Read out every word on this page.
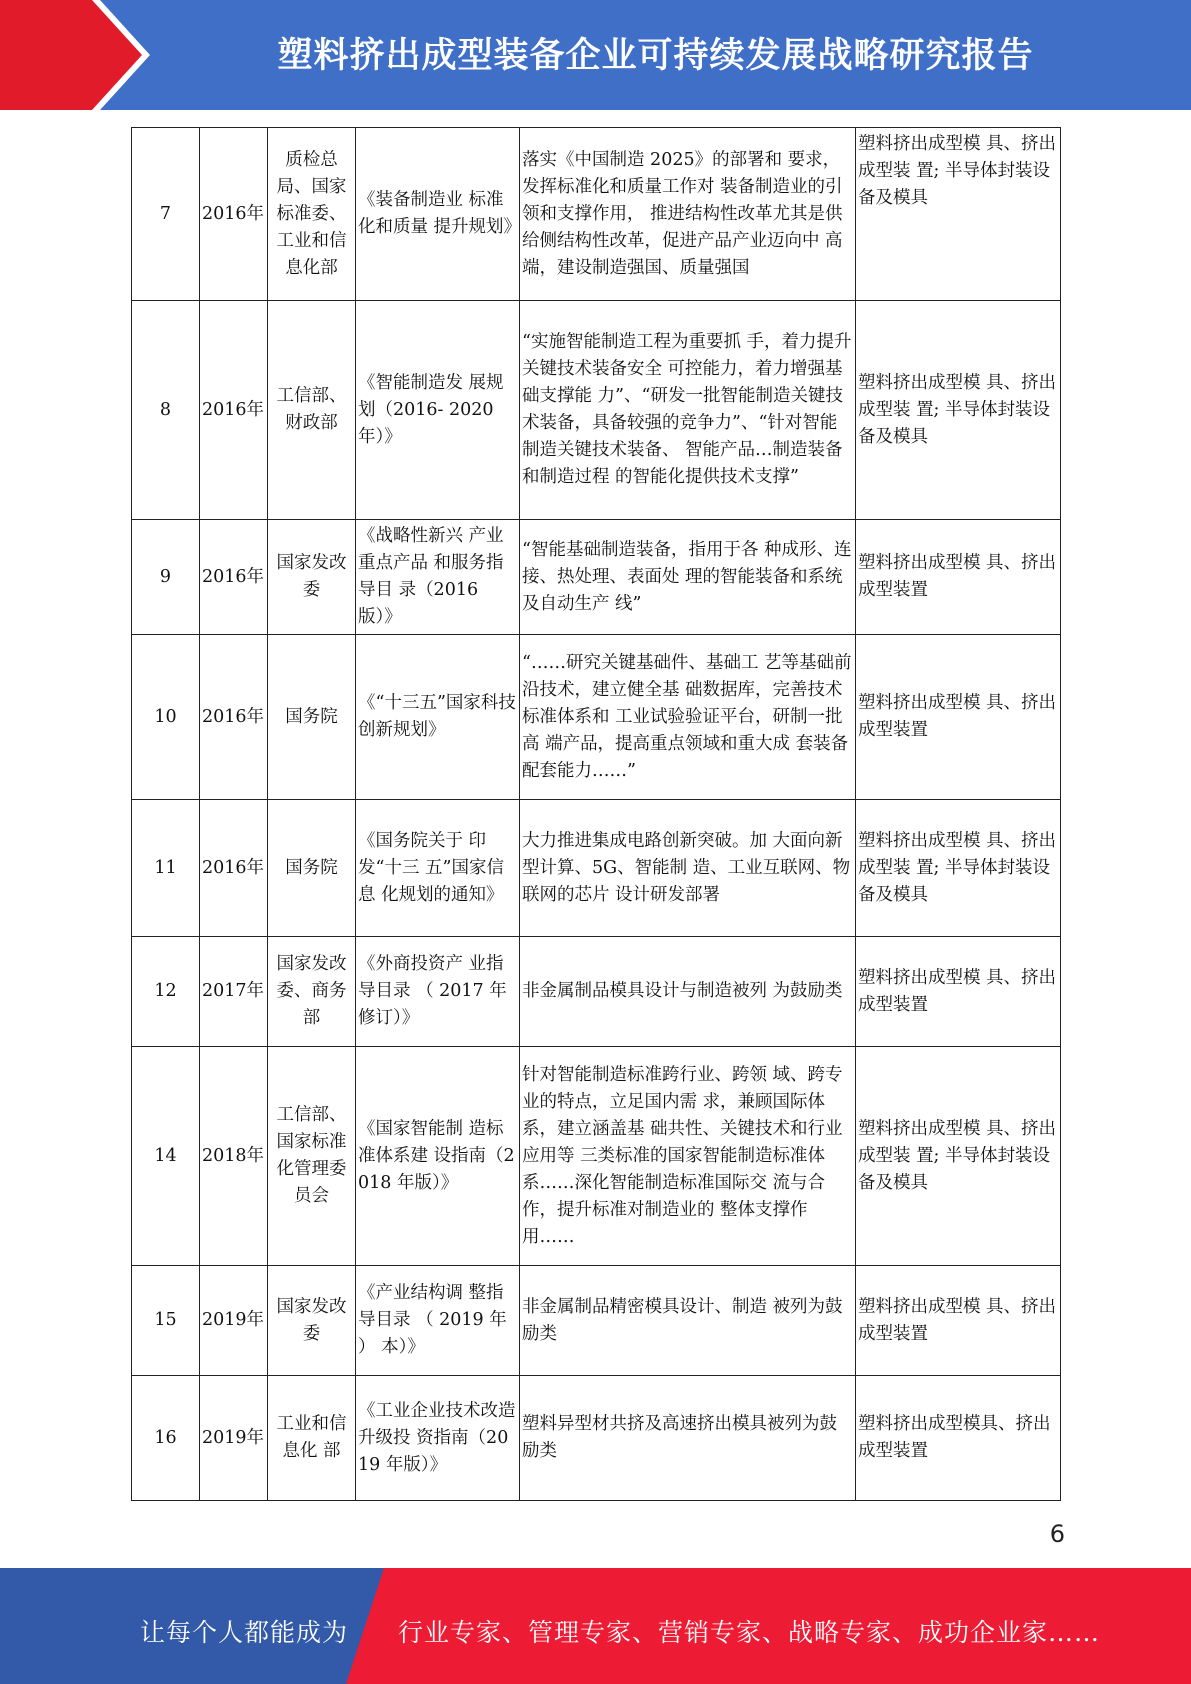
塑料挤出成型装备企业可持续发展战略研究报告
7	2016年	质检总局、国家标准委、工业和信息化部	《装备制造业 标准化和质量 提升规划》	落实《中国制造 2025》的部署和 要求，发挥标准化和质量工作对 装备制造业的引领和支撑作用， 推进结构性改革尤其是供给侧结构性改革，促进产品产业迈向中 高端，建设制造强国、质量强国	塑料挤出成型模 具、挤出成型装 置; 半导体封装设 备及模具
8	2016年	工信部、财政部	《智能制造发 展规划（2016- 2020 年）》	“实施智能制造工程为重要抓 手，着力提升关键技术装备安全 可控能力，着力增强基础支撑能 力”、“研发一批智能制造关键技 术装备，具备较强的竞争力”、“针对智能制造关键技术装备、 智能产品…制造装备和制造过程 的智能化提供技术支撑”	塑料挤出成型模 具、挤出成型装 置; 半导体封装设 备及模具
9	2016年	国家发改委	《战略性新兴 产业重点产品 和服务指导目 录（2016 版）》	“智能基础制造装备，指用于各 种成形、连接、热处理、表面处 理的智能装备和系统及自动生产 线”	塑料挤出成型模 具、挤出成型装置
10	2016年	国务院	《“十三五”国家科技创新规划》	“……研究关键基础件、基础工 艺等基础前沿技术，建立健全基 础数据库，完善技术标准体系和 工业试验验证平台，研制一批高 端产品，提高重点领域和重大成 套装备配套能力……”	塑料挤出成型模 具、挤出成型装置
11	2016年	国务院	《国务院关于 印发“十三 五”国家信息 化规划的通知》	大力推进集成电路创新突破。加 大面向新型计算、5G、智能制 造、工业互联网、物联网的芯片 设计研发部署	塑料挤出成型模 具、挤出成型装 置; 半导体封装设 备及模具
12	2017年	国家发改委、商务部	《外商投资产 业指导目录 （ 2017 年 修订）》	非金属制品模具设计与制造被列 为鼓励类	塑料挤出成型模 具、挤出成型装置
14	2018年	工信部、国家标准化管理委员会	《国家智能制 造标准体系建 设指南（2018 年版）》	针对智能制造标准跨行业、跨领 域、跨专业的特点，立足国内需 求，兼顾国际体系，建立涵盖基 础共性、关键技术和行业应用等 三类标准的国家智能制造标准体 系……深化智能制造标准国际交 流与合作，提升标准对制造业的 整体支撑作用……	塑料挤出成型模 具、挤出成型装 置; 半导体封装设 备及模具
15	2019年	国家发改委	《产业结构调 整指导目录 （ 2019 年 ） 本）》	非金属制品精密模具设计、制造 被列为鼓励类	塑料挤出成型模 具、挤出成型装置
16	2019年	工业和信息化 部	《工业企业技术改造升级投 资指南（2019 年版）》	塑料异型材共挤及高速挤出模具被列为鼓励类	塑料挤出成型模具、挤出成型装置
6
让每个人都能成为 行业专家、管理专家、营销专家、战略专家、成功企业家……
